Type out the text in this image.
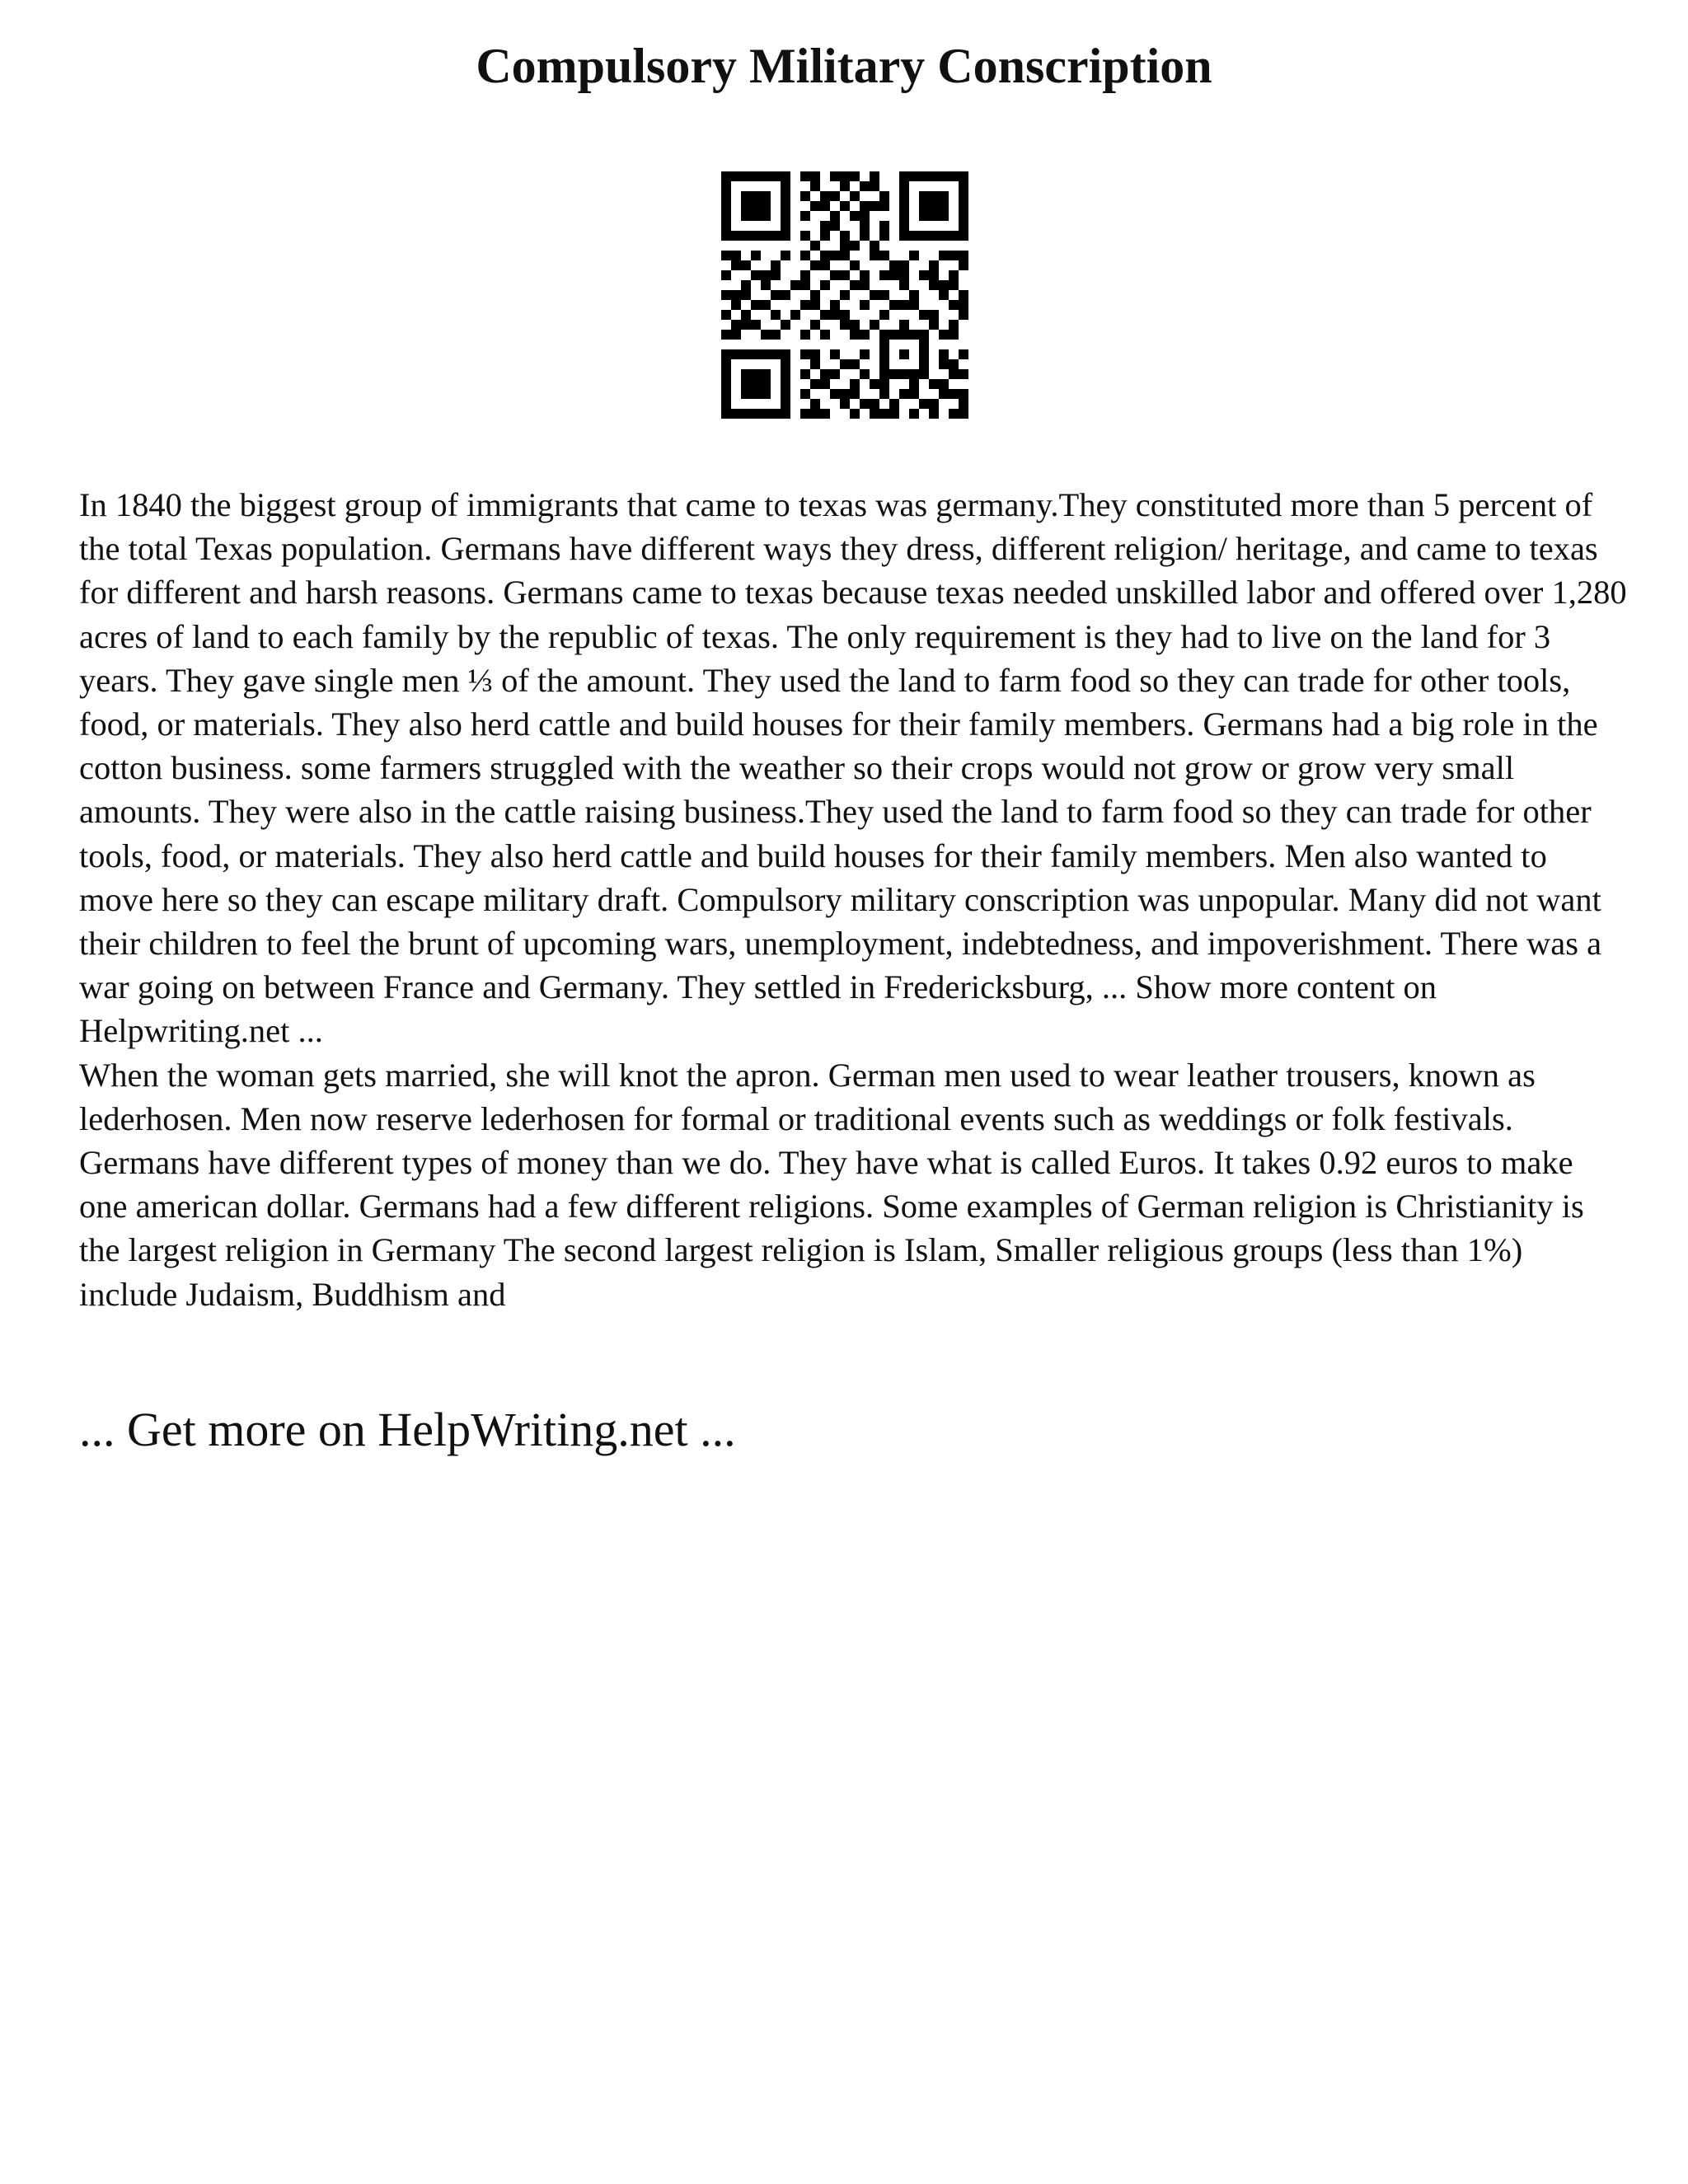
Compulsory Military Conscription

In 1840 the biggest group of immigrants that came to texas was germany.They constituted more than 5 percent of the total Texas population. Germans have different ways they dress, different religion/ heritage, and came to texas for different and harsh reasons. Germans came to texas because texas needed unskilled labor and offered over 1,280 acres of land to each family by the republic of texas. The only requirement is they had to live on the land for 3 years. They gave single men ⅓ of the amount. They used the land to farm food so they can trade for other tools, food, or materials. They also herd cattle and build houses for their family members. Germans had a big role in the cotton business. some farmers struggled with the weather so their crops would not grow or grow very small amounts. They were also in the cattle raising business.They used the land to farm food so they can trade for other tools, food, or materials. They also herd cattle and build houses for their family members. Men also wanted to move here so they can escape military draft. Compulsory military conscription was unpopular. Many did not want their children to feel the brunt of upcoming wars, unemployment, indebtedness, and impoverishment. There was a war going on between France and Germany. They settled in Fredericksburg, ... Show more content on Helpwriting.net ...

When the woman gets married, she will knot the apron. German men used to wear leather trousers, known as lederhosen. Men now reserve lederhosen for formal or traditional events such as weddings or folk festivals. Germans have different types of money than we do. They have what is called Euros. It takes 0.92 euros to make one american dollar. Germans had a few different religions. Some examples of German religion is Christianity is the largest religion in Germany The second largest religion is Islam, Smaller religious groups (less than 1%) include Judaism, Buddhism and

... Get more on HelpWriting.net ...
